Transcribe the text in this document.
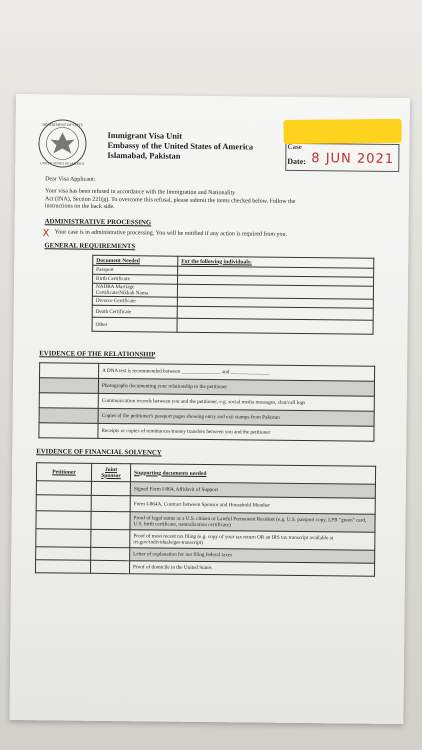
DEPARTMENT OF STATE
UNITED STATES OF AMERICA
Immigrant Visa Unit
Embassy of the United States of America
Islamabad, Pakistan
Case
Date: 8 JUN 2021
Dear Visa Applicant:
Your visa has been refused in accordance with the Immigration and Nationality
Act (INA), Section 221(g). To overcome this refusal, please submit the items checked below. Follow the
instructions on the back side.
ADMINISTRATIVE PROCESSING
X Your case is in administrative processing. You will be notified if any action is required from you.
GENERAL REQUIREMENTS
Document Needed	For the following individuals:
Passport	
Birth Certificate	
NADRA Marriage Certificate/Nikkah Nama	
Divorce Certificate	
Death Certificate	
Other	
EVIDENCE OF THE RELATIONSHIP
	A DNA test is recommended between _______________ and _______________
	Photographs documenting your relationship to the petitioner
	Communication records between you and the petitioner, e.g. social media messages, chat/call logs
	Copies of the petitioner's passport pages showing entry and exit stamps from Pakistan
	Receipts or copies of remittances/money transfers between you and the petitioner
EVIDENCE OF FINANCIAL SOLVENCY
Petitioner	Joint Sponsor	Supporting documents needed
		Signed Form I-864, Affidavit of Support
		Form I-864A, Contract between Sponsor and Household Member
		Proof of legal status as a U.S. citizen or Lawful Permanent Resident (e.g. U.S. passport copy, LPR "green" card, U.S. birth certificate, naturalization certificate)
		Proof of most recent tax filing (e.g. copy of your tax return OR an IRS tax transcript available at irs.gov/individuals/get-transcript)
		Letter of explanation for not filing federal taxes
		Proof of domicile in the United States
